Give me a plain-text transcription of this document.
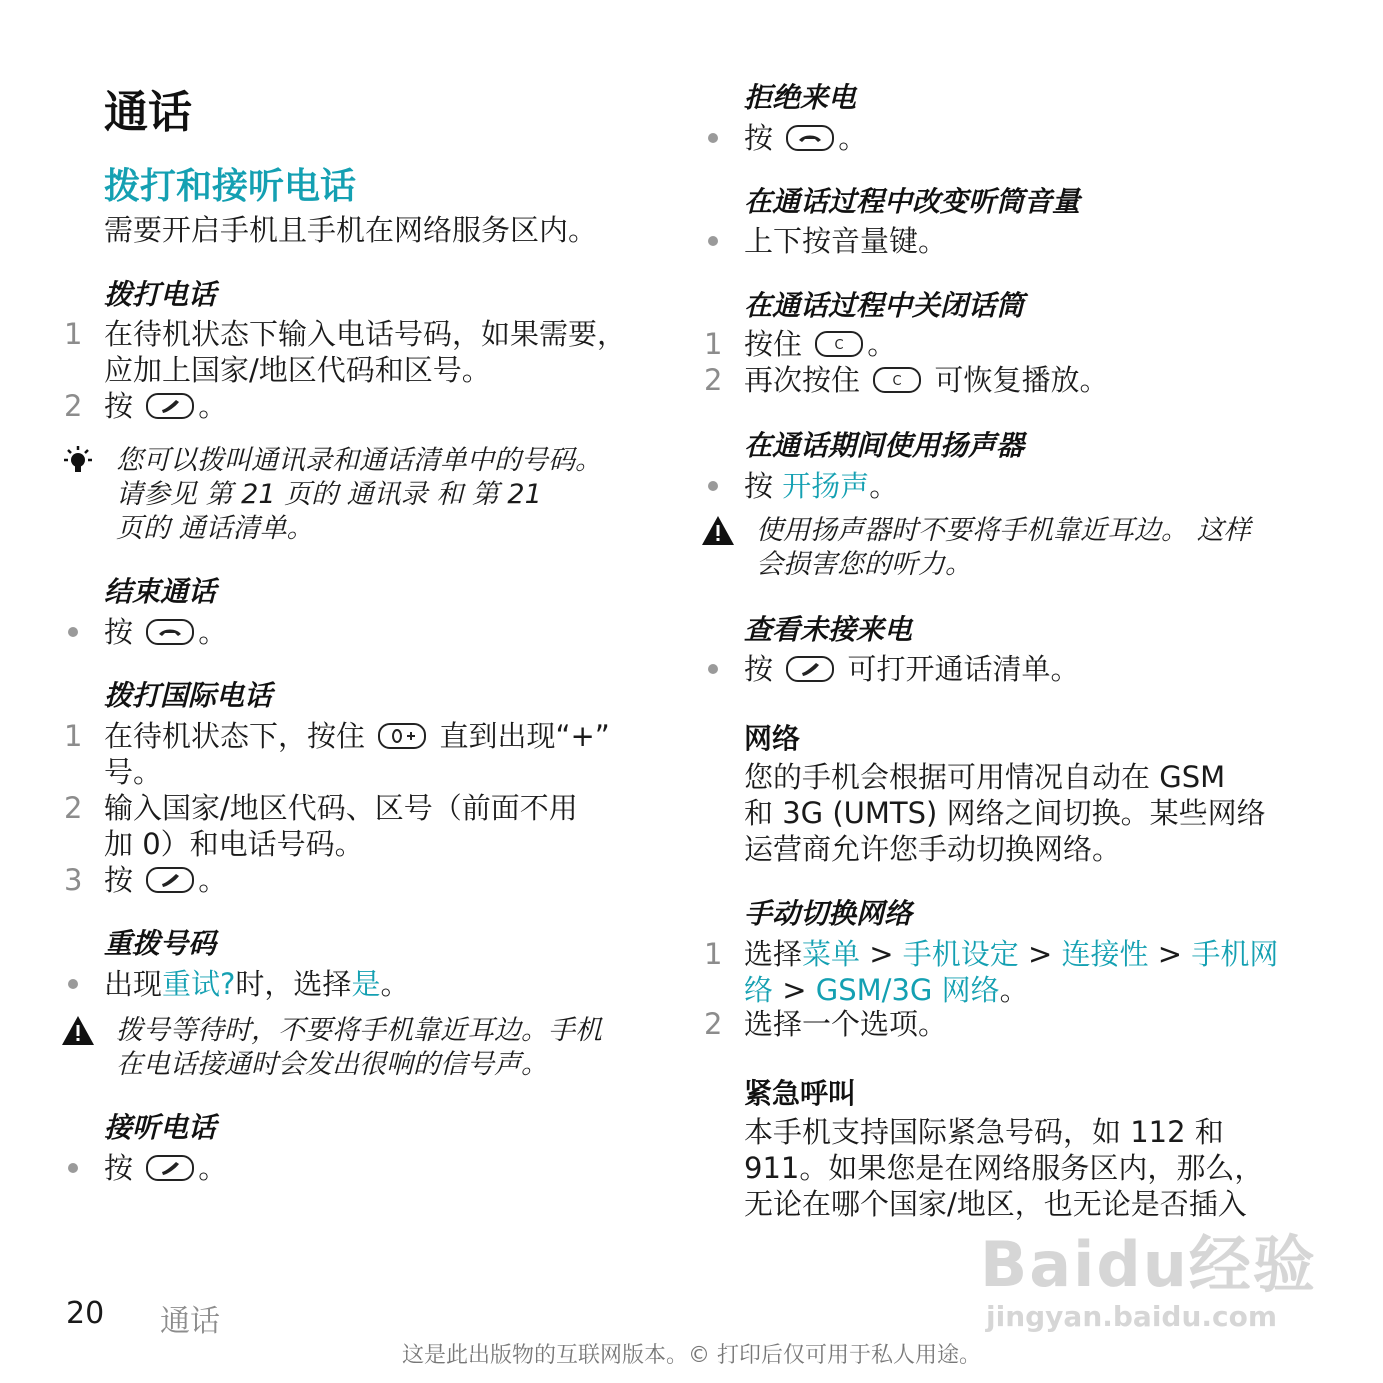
通话
拨打和接听电话
需要开启手机且手机在网络服务区内。
拨打电话
1 在待机状态下输入电话号码，如果需要，
应加上国家/地区代码和区号。
2 按 。
您可以拨叫通讯录和通话清单中的号码。
请参见 第 21 页的 通讯录 和 第 21
页的 通话清单。
结束通话
按 。
拨打国际电话
1 在待机状态下，按住	直到出现“+”
号。
2 输入国家/地区代码、区号（前面不用
加 0）和电话号码。
3 按 。
重拨号码
出现重试?时，选择是。
拨号等待时，不要将手机靠近耳边。手机
在电话接通时会发出很响的信号声。
接听电话
按 。
拒绝来电
按 。
在通话过程中改变听筒音量
上下按音量键。
在通话过程中关闭话筒
1 按住	C 。
2 再次按住	C 可恢复播放。
在通话期间使用扬声器
按 开扬声。
使用扬声器时不要将手机靠近耳边。 这样
会损害您的听力。
查看未接来电
按	可打开通话清单。
网络
您的手机会根据可用情况自动在 GSM
和 3G (UMTS) 网络之间切换。某些网络
运营商允许您手动切换网络。
手动切换网络
1 选择菜单 > 手机设定 > 连接性 > 手机网
络 > GSM/3G 网络。
2 选择一个选项。
紧急呼叫
本手机支持国际紧急号码，如 112 和
911。如果您是在网络服务区内，那么，
无论在哪个国家/地区，也无论是否插入
Baidu经验
jingyan.baidu.com
20 通话
这是此出版物的互联网版本。© 打印后仅可用于私人用途。
